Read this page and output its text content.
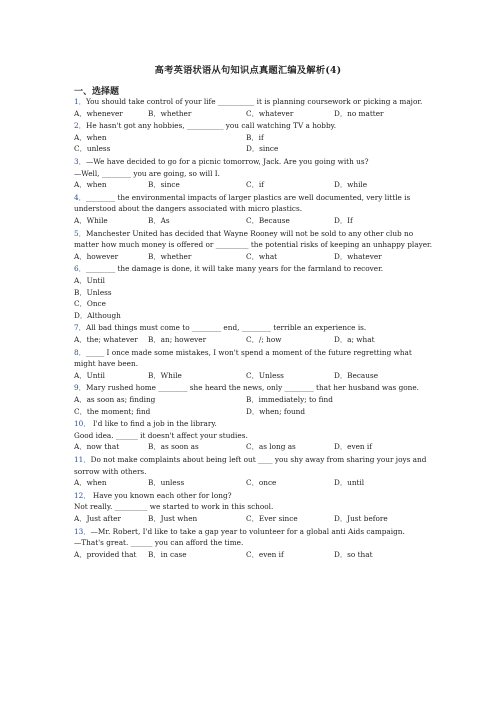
高考英语状语从句知识点真题汇编及解析(4)
一、选择题
1．You should take control of your life __________ it is planning coursework or picking a major.
A．whenever	B．whether	C．whatever	D．no matter
2．He hasn't got any hobbies, __________ you call watching TV a hobby.
A．when	B．if
C．unless	D．since
3．—We have decided to go for a picnic tomorrow, Jack. Are you going with us?
—Well, ________ you are going, so will I.
A．when	B．since	C．if	D．while
4．________ the environmental impacts of larger plastics are well documented, very little is
understood about the dangers associated with micro plastics.
A．While	B．As	C．Because	D．If
5．Manchester United has decided that Wayne Rooney will not be sold to any other club no
matter how much money is offered or _________ the potential risks of keeping an unhappy player.
A．however	B．whether	C．what	D．whatever
6．________ the damage is done, it will take many years for the farmland to recover.
A．Until
B．Unless
C．Once
D．Although
7．All bad things must come to ________ end, ________ terrible an experience is.
A．the; whatever B．an; however	C．/; how	D．a; what
8．_____ I once made some mistakes, I won't spend a moment of the future regretting what
might have been.
A．Until	B．While	C．Unless	D．Because
9．Mary rushed home ________ she heard the news, only ________ that her husband was gone.
A．as soon as; finding	B．immediately; to find
C．the moment; find	D．when; found
10． I'd like to find a job in the library.
Good idea. ______ it doesn't affect your studies.
A．now that	B．as soon as	C．as long as	D．even if
11．Do not make complaints about being left out ____ you shy away from sharing your joys and
sorrow with others.
A．when	B．unless	C．once	D．until
12． Have you known each other for long?
Not really. _________ we started to work in this school.
A．Just after	B．Just when	C．Ever since	D．Just before
13．—Mr. Robert, I'd like to take a gap year to volunteer for a global anti Aids campaign.
—That's great. ______ you can afford the time.
A．provided that B．in case	C．even if	D．so that
